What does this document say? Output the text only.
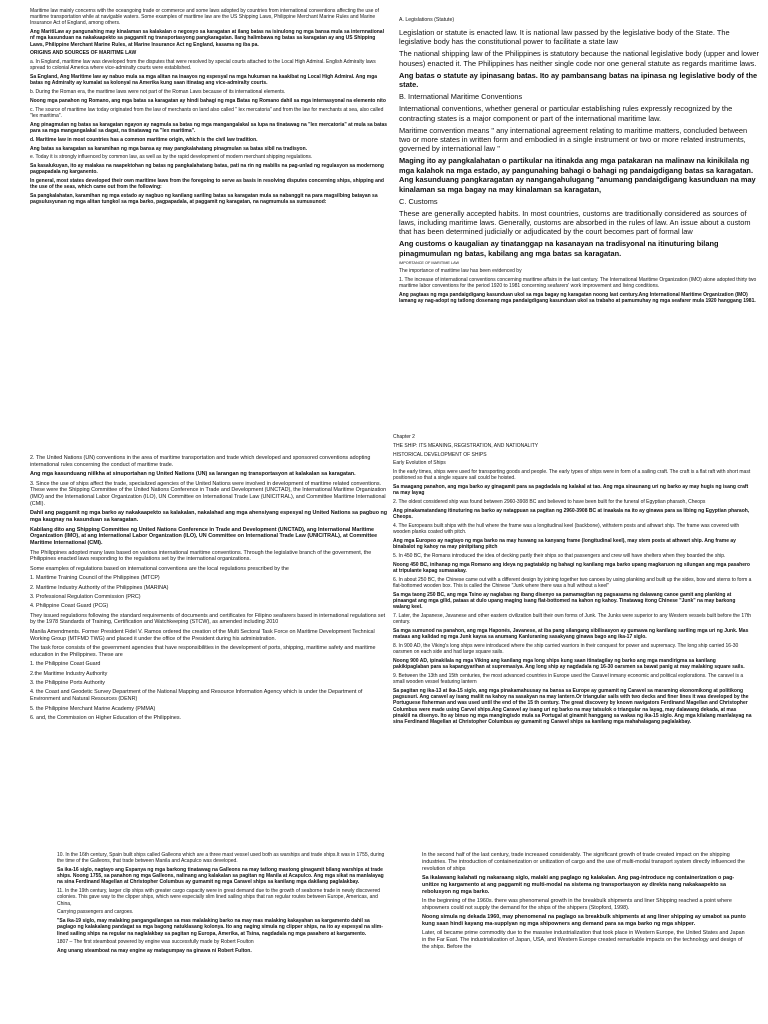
Maritime law mainly concerns with the oceangoing trade or commerce and some laws adopted by countries from international conventions affecting the use of maritime transportation while at navigable waters. Some examples of maritime law are the US Shipping Laws, Philippine Merchant Marine Rules and Marine Insurance Act of England, among others.

Ang MaritiLaw ay pangunahing may kinalaman sa kalakalan o negosyo sa karagatan at ilang batas na isinulong ng mga bansa mula sa internnational nf mga kasunduan na nakakaapekto sa paggamit ng transportasyong pangkaragatan. Ilang halimbawa ng batas sa karagatan ay ang US Shipping Laws, Philippine Merchant Marine Rules, at Marine Insurance Act ng England, kasama ng iba pa.

ORIGINS AND SOURCES OF MARITIME LAW

a. In England, maritime law was developed from the disputes that were resolved by special courts attached to the Local High Admiral. English Admiralty laws spread to colonial America where vice-admiralty courts were established.

Sa England, Ang Maritime law ay nabuo mula sa mga alitan na inaayos ng espesyal na mga hukuman na kaakibat ng Local High Admiral. Ang mga batas ng Admiralty ay kumalat sa kolonyal na Amerika kung saan itinatag ang vice-admiralty courts.

b. During the Roman era, the maritime laws were not part of the Roman Laws because of its international elements.

Noong mga panahon ng Romano, ang mga batas sa karagatan ay hindi bahagi ng mga Batas ng Romano dahil sa mga internasyonal na elemento nito

c. The source of maritime law today originated from the law of merchants on land also called " lex mercatoria" and from the law for merchants at sea, also called "lex maritima".

Ang pinagmulan ng batas sa karagatan ngayon ay nagmula sa batas ng mga mangangalakal sa lupa na tinatawag na "lex mercatoria" at mula sa batas para sa mga mangangalakal sa dagat, na tinatawag na "lex maritima".

d. Maritime law in most countries has a common maritime origin, which is the civil law tradition.

Ang batas sa karagatan sa karamihan ng mga bansa ay may pangkalahatang pinagmulan sa batas sibil na tradisyon.

e. Today it is strongly influenced by common law, as well as by the rapid development of modern merchant shipping regulations.

Sa kasalukuyan, ito ay malakas na naapektohan ng batas ng pangkalahatang batas, pati na rin ng mabilis na pag-unlad ng regulasyon sa modernong pagpapadala ng karganento.

In general, most states developed their own maritime laws from the foregoing to serve as basis in resolving disputes concerning ships, shipping and the use of the seas, which came out from the following:

Sa pangkalahatan, karamihan ng mga estado ay nagbuo ng kanilang sariling batas sa karagatan mula sa nabanggit na para magsilbing batayan sa pagsulusyunan ng mga alitan tungkol sa mga barko, pagpapadala, at paggamit ng karagatan, na nagmumula sa sumusunod:

A. Legislations (Statute)

Legislation or statute is enacted law. It is national law passed by the legislative body of the State. The legislative body has the constitutional power to facilitate a state law

The national shipping law of the Philippines is statutory because the national legislative body (upper and lower houses) enacted it. The Philippines has neither single code nor one general statute as regards maritime laws.

Ang batas o statute ay ipinasang batas. Ito ay pambansang batas na ipinasa ng legislative body of the state.

B. International Maritime Conventions

International conventions, whether general or particular establishing rules expressly recognized by the contracting states is a major component or part of the international maritime law.

Maritime convention means " any international agreement relating to maritime matters, concluded between two or more states in written form and embodied in a single instrument or two or more related instruments, governed by international law "

Maging ito ay pangkalahatan o partikular na itinakda ang mga patakaran na malinaw na kinikilala ng mga kalahok na mga estado, ay pangunahing bahagi o bahagi ng pandaigdigang batas sa karagatan. Ang kasunduang pangkaragatan ay nangangahulugang "anumang pandaigdigang kasunduan na may kinalaman sa mga bagay na may kinalaman sa karagatan,

C. Customs

These are generally accepted habits. In most countries, customs are traditionally considered as sources of laws, including maritime laws. Generally, customs are absorbed in the rules of law. An issue about a custom that has been determined judicially or adjudicated by the court becomes part of formal law

Ang customs o kaugalian ay tinatanggap na kasanayan na tradisyonal na itinuturing bilang pinagmumulan ng batas, kabilang ang mga batas sa karagatan.

IMPORTANCE OF MARITIME LAW

The importance of maritime law has been evidenced by

1. The increase of international conventions concerning maritime affairs in the last century. The International Maritime Organization (IMO) alone adopted thirty two maritime labor conventions for the period 1920 to 1981 concerning seafarers' work improvement and living conditions.

Ang pagtaas ng mga pandaigdigang kasunduan ukol sa mga bagay ng karagatan noong last century.Ang International Maritime Organization (IMO) lamang ay nag-adopt ng tatlong dosenang mga pandaigdigang kasunduan ukol sa trabaho at pamumuhay ng mga seafarer mula 1920 hanggang 1981.

2. The United Nations (UN) conventions in the area of maritime transportation and trade which developed and sponsored conventions adopting international rules concerning the conduct of maritime trade.

Ang mga kasunduang niilkha at sinuportahan ng United Nations (UN) sa larangan ng transportasyon at kalakalan sa karagatan.

3. Since the use of ships affect the trade, specialized agencies of the United Nations were involved in development of maritime related conventions. These were the Shipping Committee of the United Nations Conference in Trade and Development (UNCTAD), the International Maritime Organization (IMO) and the International Labor Organization (ILO), UN Committee on International Trade Law (UNICITRAL), and Committee Maritime International (CMI).

Dahil ang paggamit ng mga barko ay nakakaapekto sa kalakalan, nakalahad ang mga ahensiyang espesyal ng United Nations sa pagbuo ng mga kaugnay na kasunduan sa karagatan.

Kabilang dito ang Shipping Committee ng United Nations Conference in Trade and Development (UNCTAD), ang International Maritime Organization (IMO), at ang International Labor Organization (ILO), UN Committee on International Trade Law (UNICITRAL), at Committee Maritime International (CMI).

The Philippines adopted many laws based on various international maritime conventions. Through the legislative branch of the government, the Philippines enacted laws responding to the regulations set by the international organizations.

Some examples of regulations based on international conventions are the local regulations prescribed by the

1. Maritime Training Council of the Philippines (MTCP)

2. Maritime Industry Authority of the Philippines (MARINA)

3. Professional Regulation Commission (PRC)

4. Philippine Coast Guard (PCG)

They issued regulations following the standard requirements of documents and certificates for Filipino seafarers based in international regulations set by the 1978 Standards of Training, Certification and Watchkeeping (STCW), as amended including 2010

Manila Amendments. Former President Fidel V. Ramos ordered the creation of the Multi Sectoral Task Force on Maritime Development Technical Working Group (MTFMD TWG) and placed it under the office of the President during his administration.

The task force consists of the government agencies that have responsibilities in the development of ports, shipping, maritime safety and maritime education in the Philippines. These are

1. the Philippine Coast Guard

2.the Maritime Industry Authority

3. the Philippine Ports Authority

4. the Coast and Geodetic Survey Department of the National Mapping and Resource Information Agency which is under the Department of Environment and Natural Resources (DENR)

5. the Philippine Merchant Marine Academy (PMMA)

6. and, the Commission on Higher Education of the Philippines.

Chapter 2

THE SHIP: ITS MEANING, REGISTRATION, AND NATIONALITY

HISTORICAL DEVELOPMENT OF SHIPS

Early Evolution of Ships

In the early times, ships were used for transporting goods and people. The early types of ships were in form of a sailing craft. The craft is a flat raft with short mast positioned so that a single square sail could be hoisted.

Sa maagang panahon, ang mga barko ay ginagamit para sa pagdadala ng kalakal at tao. Ang mga sinaunang uri ng barko ay may hugis ng isang craft na may layag

2. The oldest considered ship was found between 2960-3908 BC and believed to have been built for the funeral of Egyptian pharaoh, Cheops

Ang pinakamatandang itinuturing na barko ay natagpuan sa pagitan ng 2960-3908 BC at inaakala na ito ay ginawa para sa libing ng Egyptian pharaoh, Cheops.

4. The Europeans built ships with the hull where the frame was a longitudinal keel (backbone), withstern posts and athwart ship. The frame was covered with wooden planks coated with pitch.

Ang mga Europeo ay nagtayo ng mga barko na may huwang sa kanyang frame (longitudinal keel), may stem posts at athwart ship. Ang frame ay binabalot ng kahoy na may pinitpitang pitch

5. In 450 BC, the Romans introduced the idea of decking partly their ships so that passengers and crew will have shelters when they boarded the ship.

Noong 450 BC, inihanap ng mga Romano ang ideya ng pagtatakip ng bahagi ng kanilang mga barko upang magkaruon ng silungan ang mga pasahero at tripulante kapag sumasakay.

6. In about 250 BC, the Chinese came out with a different design by joining together two canoes by using planking and built up the sides, bow and sterns to form a flat-bottomed wooden box. This is called the Chinese "Junk where there was a hull without a keel"

Sa mga taong 250 BC, ang mga Tsino ay naglabas ng ibang disenyo sa pamamagitan ng pagsasama ng dalawang canoe gamit ang planking at pinaangat ang mga gilid, pataas at dulo upang maging isang flat-bottomed na kahon ng kahoy. Tinatawag itong Chinese "Junk" na may barkong walang keel.

7. Later, the Japanese, Javanese and other eastern civilization built their own forms of Junk. The Junks were superior to any Western vessels built before the 17th century.

Sa mga sumunod na panahon, ang mga Haponés, Javanese, at iba pang silangang sibilisasyon ay gumawa ng kanilang sariling mga uri ng Junk. Mas mataas ang kalidad ng mga Junk kaysa sa anumang Kanluraning sasakyang ginawa bago ang ika-17 siglo.

8. In 900 AD, the Viking's long ships were introduced where the ship carried warriors in their conquest for power and supremacy. The long ship carried 16-30 oarsmen on each side and had large square sails.

Noong 900 AD, ipinakilala ng mga Viking ang kanilang mga long ships kung saan itinatagilay ng barko ang mga mandirigma sa kanilang pakikipaglaban para sa kapangyarihan at supremasiya. Ang long ship ay nagdadala ng 16-30 oarsmen sa bawat panig at may malaking square sails.

9. Between the 13th and 15th centuries, the most advanced countries in Europe used the Caravel inmany economic and political explorations. The caravel is a small wooden vessel featuring lantern

Sa pagitan ng ika-13 at ika-15 siglo, ang mga pinakamahuusay na bansa sa Europe ay gumamit ng Caravel sa maraming ekonomikong at politikong pagsusuri. Ang caravel ay isang maliit na kahoy na sasakyan na may lantern.Or triangular sails with two decks and finer lines it was developed by the Portuguese fisherman and was used until the end of the 15 th century. The great discovery by known navigators Ferdinand Magellan and Christopher Columbus were made using Carvel ships.Ang Caravel ay isang uri ng barko na may tatsulok o triangular na layag, may dalawang dekada, at mas pinakiil na disenyo. Ito ay binuo ng mga mangingisdo mula sa Portugal at ginamit hanggang sa wakas ng ika-15 siglo. Ang mga kilalang manlalayag na sina Ferdinand Magellan at Christopher Columbus ay gumamit ng Caravel ships sa kanilang mga mahahalagang paglalakbay.

10. In the 16th century, Spain built ships called Galleons which are a three mast vessel used both as warships and trade ships.It was in 1755, during the time of the Galleons, that trade between Manila and Acapulco was developed.

Sa ika-16 siglo, nagtayo ang Espanya ng mga barkong tinatawag na Galleons na may tatlong mastong ginagamit bilang warships at trade ships. Noong 1755, sa panahon ng mga Galleons, nalinang ang kalakalan sa pagitan ng Manila at Acapulco. Ang mga sikat na manlalayag na sina Ferdinand Magellan at Christopher Columbus ay gumamit ng mga Caravel ships sa kanilang mga dakilang paglalakbay.

11. In the 19th century, larger clip ships with greater cargo capacity were in great demand due to the growth of seaborne trade in newly discovered colonies. This gave way to the clipper ships, which were especially slim lined sailing ships that ran regular routes between Europe, Americas, and China,

Carrying passengers and cargoes.

"Sa ika-19 siglo, may malaking pangangailangan sa mas malalaking barko na may mas malaking kakayahan sa kargamento dahil sa paglago ng kalakalang pandagat sa mga bagong natuklasang kolonya. Ito ang naging simula ng clipper ships, na ito ay espesyal na slim-lined sailing ships na regular na naglalakbay sa pagitan ng Europa, Amerika, at Tsina, nagdadala ng mga pasahero at kargamento.

1807 – The first steamboat powered by engine was successfully made by Robert Foulton

Ang unang steamboat na may engine ay matagumpay na ginawa ni Robert Fulton.

In the second half of the last century, trade increased considerably. The significant growth of trade created impact on the shipping industries. The introduction of containerization or unitization of cargo and the use of multi-modal transport system directly influenced the revolution of ships

Sa ikalawang kalahati ng nakaraang siglo, malaki ang paglago ng kalakalan. Ang pag-introduce ng containerization o pag-unitize ng kargamento at ang paggamit ng multi-modal na sistema ng transportasyon ay direkta nang nakakaapekto sa rebolusyon ng mga barko.

In the beginning of the 1960s. there was phenomenal growth in the breakbulk shipments and liner Shipping reached a point where shipowners could not supply the demand for the ships of the shippers (Stopford, 1998).

Noong simula ng dekada 1960, may phenomenal na paglago sa breakbulk shipments at ang liner shipping ay umabot sa punto kung saan hindi kayang ma-supplyan ng mga shipowners ang demand para sa mga barko ng mga shipper.

Later, oil became prime commodity due to the massive industrialization that took place in Western Europe, the United States and Japan in the Far East. The industrialization of Japan, USA, and Western Europe created remarkable impacts on the technology and design of the ships. Before the
